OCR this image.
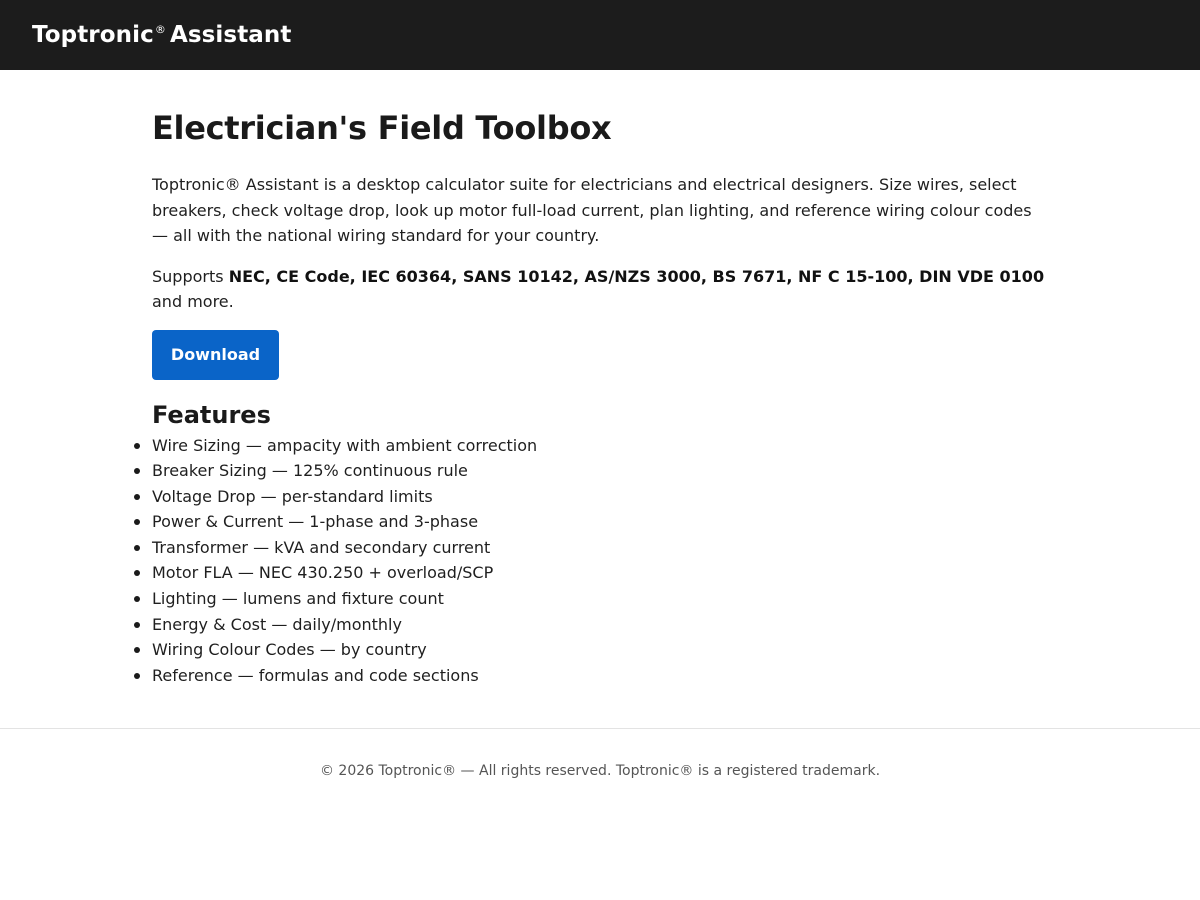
Toptronic ® Assistant
Electrician's Field Toolbox

Toptronic® Assistant is a desktop calculator suite for electricians and electrical designers. Size wires, select breakers, check voltage drop, look up motor full-load current, plan lighting, and reference wiring colour codes — all with the national wiring standard for your country.

Supports NEC, CE Code, IEC 60364, SANS 10142, AS/NZS 3000, BS 7671, NF C 15-100, DIN VDE 0100 and more.

Download
Features
Wire Sizing — ampacity with ambient correction
Breaker Sizing — 125% continuous rule
Voltage Drop — per-standard limits
Power & Current — 1-phase and 3-phase
Transformer — kVA and secondary current
Motor FLA — NEC 430.250 + overload/SCP
Lighting — lumens and fixture count
Energy & Cost — daily/monthly
Wiring Colour Codes — by country
Reference — formulas and code sections
© 2026 Toptronic® — All rights reserved. Toptronic® is a registered trademark.
